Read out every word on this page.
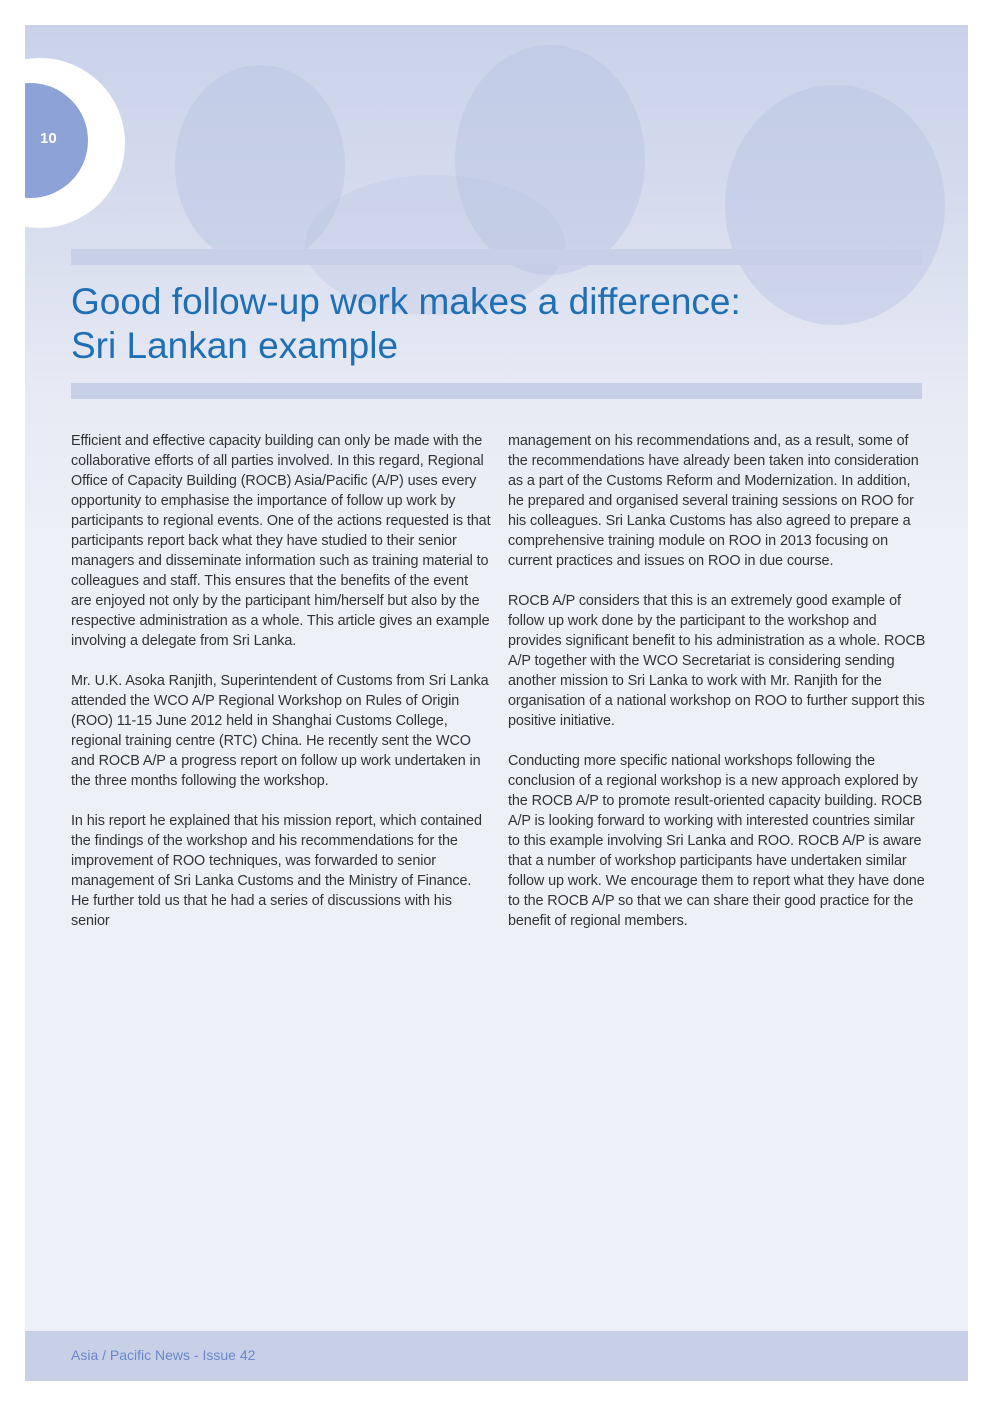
10
Good follow-up work makes a difference:
Sri Lankan example

Efficient and effective capacity building can only be made with the collaborative efforts of all parties involved. In this regard, Regional Office of Capacity Building (ROCB) Asia/Pacific (A/P) uses every opportunity to emphasise the importance of follow up work by participants to regional events. One of the actions requested is that participants report back what they have studied to their senior managers and disseminate information such as training material to colleagues and staff. This ensures that the benefits of the event are enjoyed not only by the participant him/herself but also by the respective administration as a whole. This article gives an example involving a delegate from Sri Lanka.

Mr. U.K. Asoka Ranjith, Superintendent of Customs from Sri Lanka attended the WCO A/P Regional Workshop on Rules of Origin (ROO) 11-15 June 2012 held in Shanghai Customs College, regional training centre (RTC) China. He recently sent the WCO and ROCB A/P a progress report on follow up work undertaken in the three months following the workshop.

In his report he explained that his mission report, which contained the findings of the workshop and his recommendations for the improvement of ROO techniques, was forwarded to senior management of Sri Lanka Customs and the Ministry of Finance. He further told us that he had a series of discussions with his senior

management on his recommendations and, as a result, some of the recommendations have already been taken into consideration as a part of the Customs Reform and Modernization. In addition, he prepared and organised several training sessions on ROO for his colleagues. Sri Lanka Customs has also agreed to prepare a comprehensive training module on ROO in 2013 focusing on current practices and issues on ROO in due course.

ROCB A/P considers that this is an extremely good example of follow up work done by the participant to the workshop and provides significant benefit to his administration as a whole. ROCB A/P together with the WCO Secretariat is considering sending another mission to Sri Lanka to work with Mr. Ranjith for the organisation of a national workshop on ROO to further support this positive initiative.

Conducting more specific national workshops following the conclusion of a regional workshop is a new approach explored by the ROCB A/P to promote result-oriented capacity building. ROCB A/P is looking forward to working with interested countries similar to this example involving Sri Lanka and ROO. ROCB A/P is aware that a number of workshop participants have undertaken similar follow up work. We encourage them to report what they have done to the ROCB A/P so that we can share their good practice for the benefit of regional members.

Asia / Pacific News - Issue 42
